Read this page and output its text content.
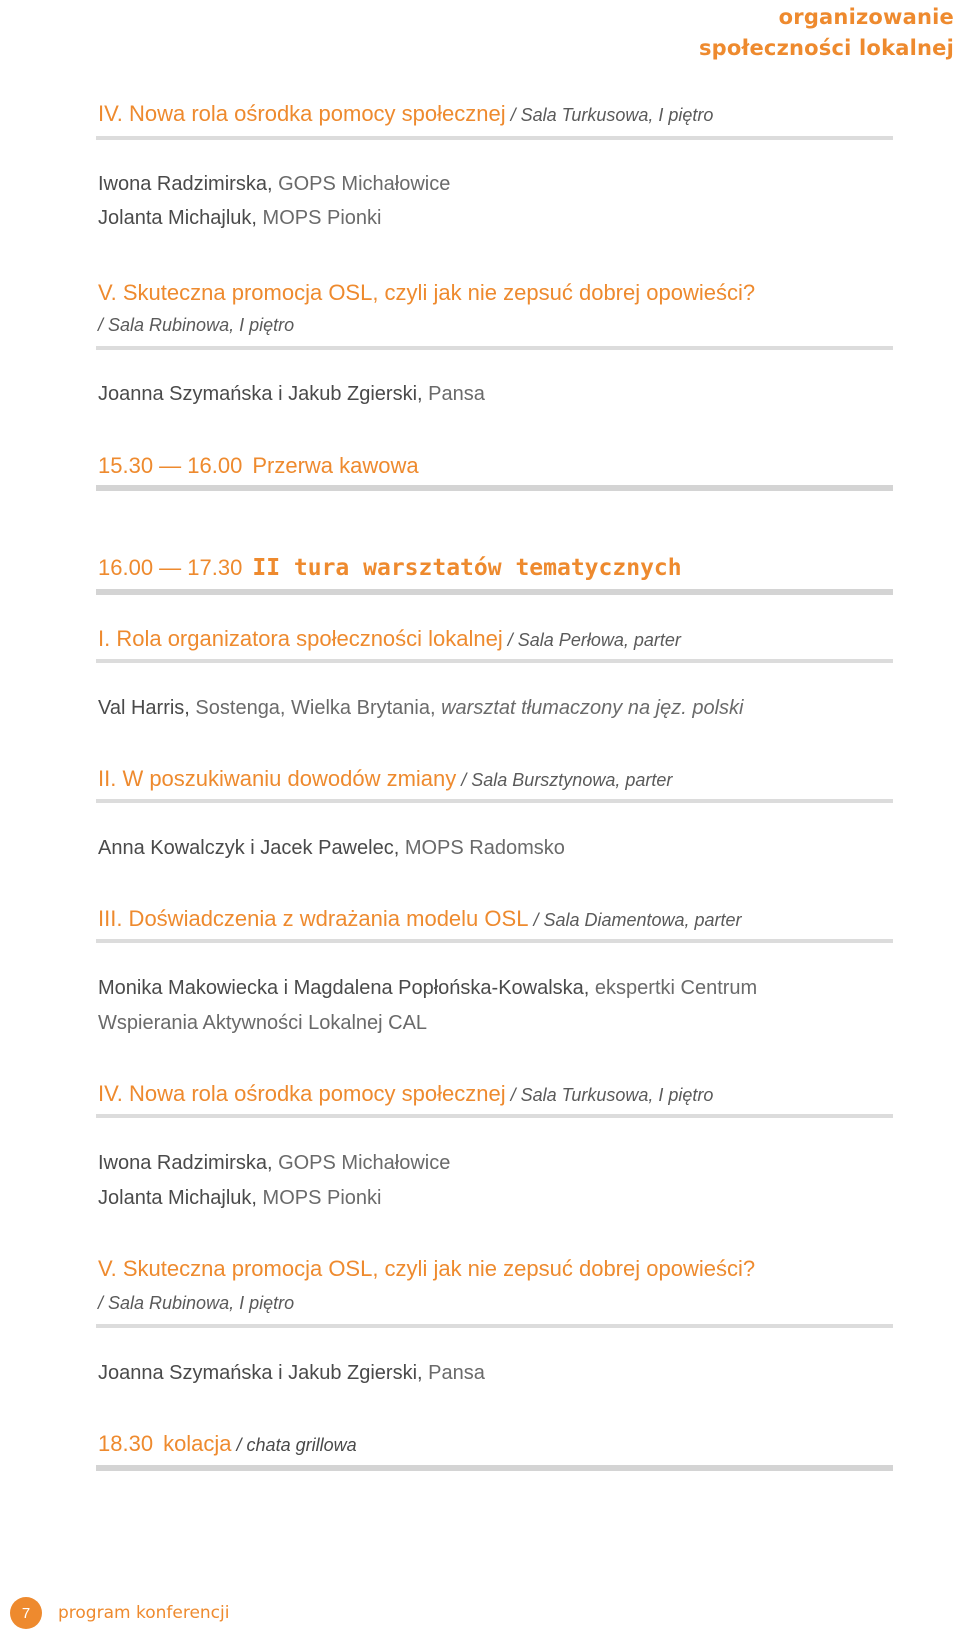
organizowanie
społeczności lokalnej
IV. Nowa rola ośrodka pomocy społecznej / Sala Turkusowa, I piętro
Iwona Radzimirska, GOPS Michałowice
Jolanta Michajluk, MOPS Pionki
V. Skuteczna promocja OSL, czyli jak nie zepsuć dobrej opowieści?
/ Sala Rubinowa, I piętro
Joanna Szymańska i Jakub Zgierski, Pansa
15.30 — 16.00 Przerwa kawowa
16.00 — 17.30 II tura warsztatów tematycznych
I. Rola organizatora społeczności lokalnej / Sala Perłowa, parter
Val Harris, Sostenga, Wielka Brytania, warsztat tłumaczony na jęz. polski
II. W poszukiwaniu dowodów zmiany / Sala Bursztynowa, parter
Anna Kowalczyk i Jacek Pawelec, MOPS Radomsko
III. Doświadczenia z wdrażania modelu OSL / Sala Diamentowa, parter
Monika Makowiecka i Magdalena Popłońska-Kowalska, ekspertki Centrum
Wspierania Aktywności Lokalnej CAL
IV. Nowa rola ośrodka pomocy społecznej / Sala Turkusowa, I piętro
Iwona Radzimirska, GOPS Michałowice
Jolanta Michajluk, MOPS Pionki
V. Skuteczna promocja OSL, czyli jak nie zepsuć dobrej opowieści?
/ Sala Rubinowa, I piętro
Joanna Szymańska i Jakub Zgierski, Pansa
18.30 kolacja / chata grillowa
7	program konferencji
